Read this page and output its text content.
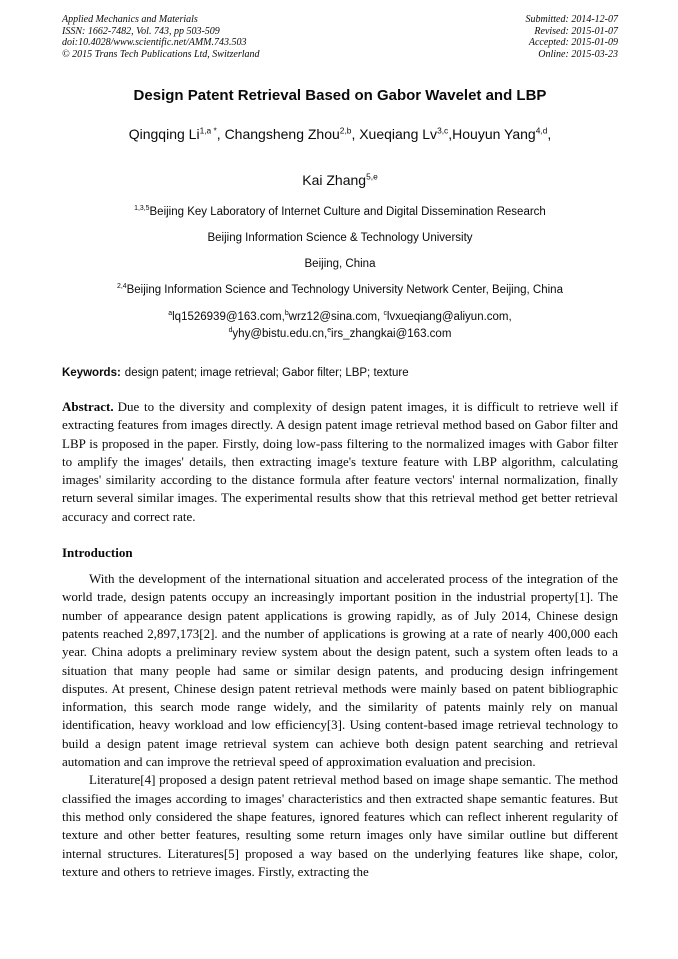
Applied Mechanics and Materials
ISSN: 1662-7482, Vol. 743, pp 503-509
doi:10.4028/www.scientific.net/AMM.743.503
© 2015 Trans Tech Publications Ltd, Switzerland
Submitted: 2014-12-07
Revised: 2015-01-07
Accepted: 2015-01-09
Online: 2015-03-23
Design Patent Retrieval Based on Gabor Wavelet and LBP
Qingqing $Li^{1,a *}$, Changsheng Zhou$^{2,b}$, Xueqiang Lv$^{3,c}$,Houyun Yang$^{4,d}$,
Kai Zhang$^{5,e}$
$^{1,3,5}$Beijing Key Laboratory of Internet Culture and Digital Dissemination Research
Beijing Information Science & Technology University
Beijing, China
$^{2,4}$Beijing Information Science and Technology University Network Center, Beijing, China
$^a$lq1526939@163.com,$^b$wrz12@sina.com, $^c$lvxueqiang@aliyun.com,
$^d$yhy@bistu.edu.cn,$^e$irs_zhangkai@163.com

Keywords: design patent; image retrieval; Gabor filter; LBP; texture

Abstract. Due to the diversity and complexity of design patent images, it is difficult to retrieve well if extracting features from images directly. A design patent image retrieval method based on Gabor filter and LBP is proposed in the paper. Firstly, doing low-pass filtering to the normalized images with Gabor filter to amplify the images' details, then extracting image's texture feature with LBP algorithm, calculating images' similarity according to the distance formula after feature vectors' internal normalization, finally return several similar images. The experimental results show that this retrieval method get better retrieval accuracy and correct rate.

Introduction

With the development of the international situation and accelerated process of the integration of the world trade, design patents occupy an increasingly important position in the industrial property[1]. The number of appearance design patent applications is growing rapidly, as of July 2014, Chinese design patents reached 2,897,173[2]. and the number of applications is growing at a rate of nearly 400,000 each year. China adopts a preliminary review system about the design patent, such a system often leads to a situation that many people had same or similar design patents, and producing design infringement disputes. At present, Chinese design patent retrieval methods were mainly based on patent bibliographic information, this search mode range widely, and the similarity of patents mainly rely on manual identification, heavy workload and low efficiency[3]. Using content-based image retrieval technology to build a design patent image retrieval system can achieve both design patent searching and retrieval automation and can improve the retrieval speed of approximation evaluation and precision.

Literature[4] proposed a design patent retrieval method based on image shape semantic. The method classified the images according to images' characteristics and then extracted shape semantic features. But this method only considered the shape features, ignored features which can reflect inherent regularity of texture and other better features, resulting some return images only have similar outline but different internal structures. Literatures[5] proposed a way based on the underlying features like shape, color, texture and others to retrieve images. Firstly, extracting the
